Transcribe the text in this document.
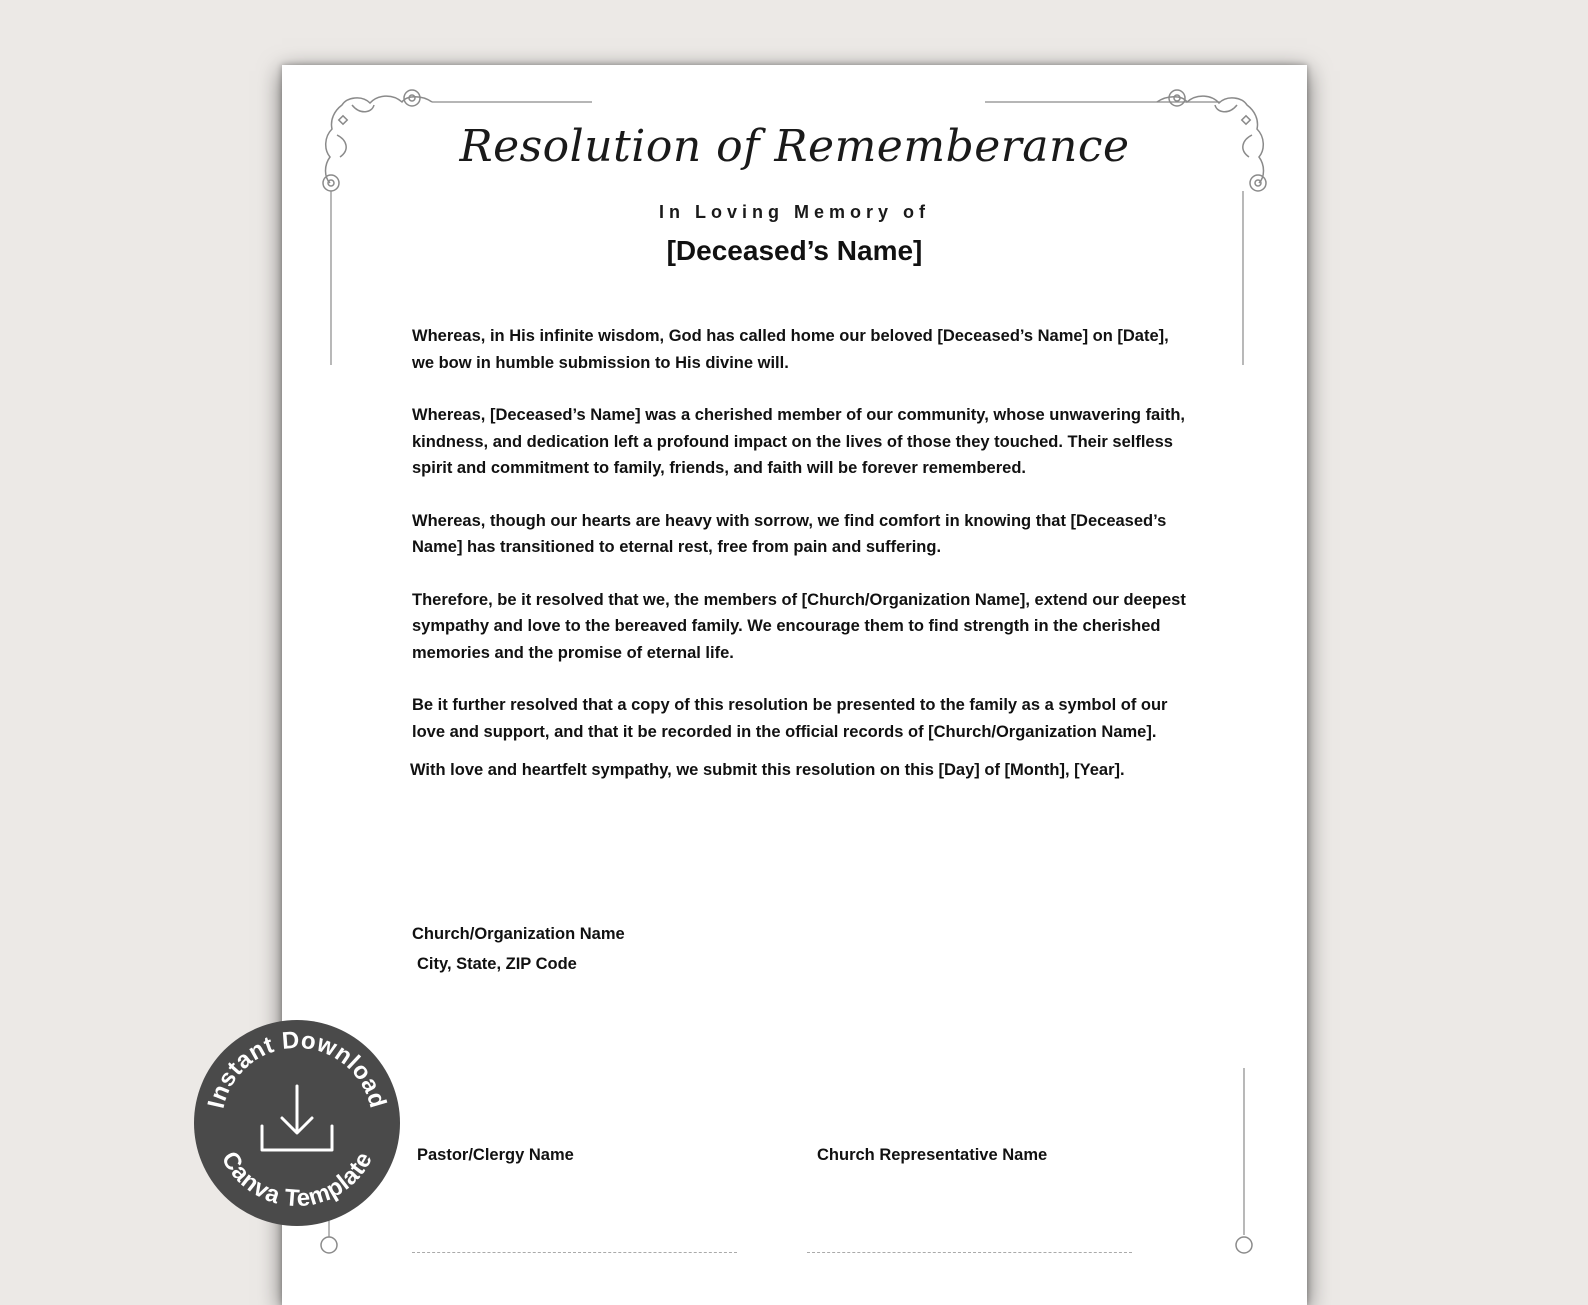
Resolution of Rememberance
In Loving Memory of
[Deceased’s Name]

Whereas, in His infinite wisdom, God has called home our beloved [Deceased’s Name] on [Date], we bow in humble submission to His divine will.

Whereas, [Deceased’s Name] was a cherished member of our community, whose unwavering faith, kindness, and dedication left a profound impact on the lives of those they touched. Their selfless spirit and commitment to family, friends, and faith will be forever remembered.

Whereas, though our hearts are heavy with sorrow, we find comfort in knowing that [Deceased’s Name] has transitioned to eternal rest, free from pain and suffering.

Therefore, be it resolved that we, the members of [Church/Organization Name], extend our deepest sympathy and love to the bereaved family. We encourage them to find strength in the cherished memories and the promise of eternal life.

Be it further resolved that a copy of this resolution be presented to the family as a symbol of our love and support, and that it be recorded in the official records of [Church/Organization Name].

With love and heartfelt sympathy, we submit this resolution on this [Day] of [Month], [Year].

Church/Organization Name
City, State, ZIP Code
Pastor/Clergy Name	Church Representative Name
Instant Download
Canva Template
